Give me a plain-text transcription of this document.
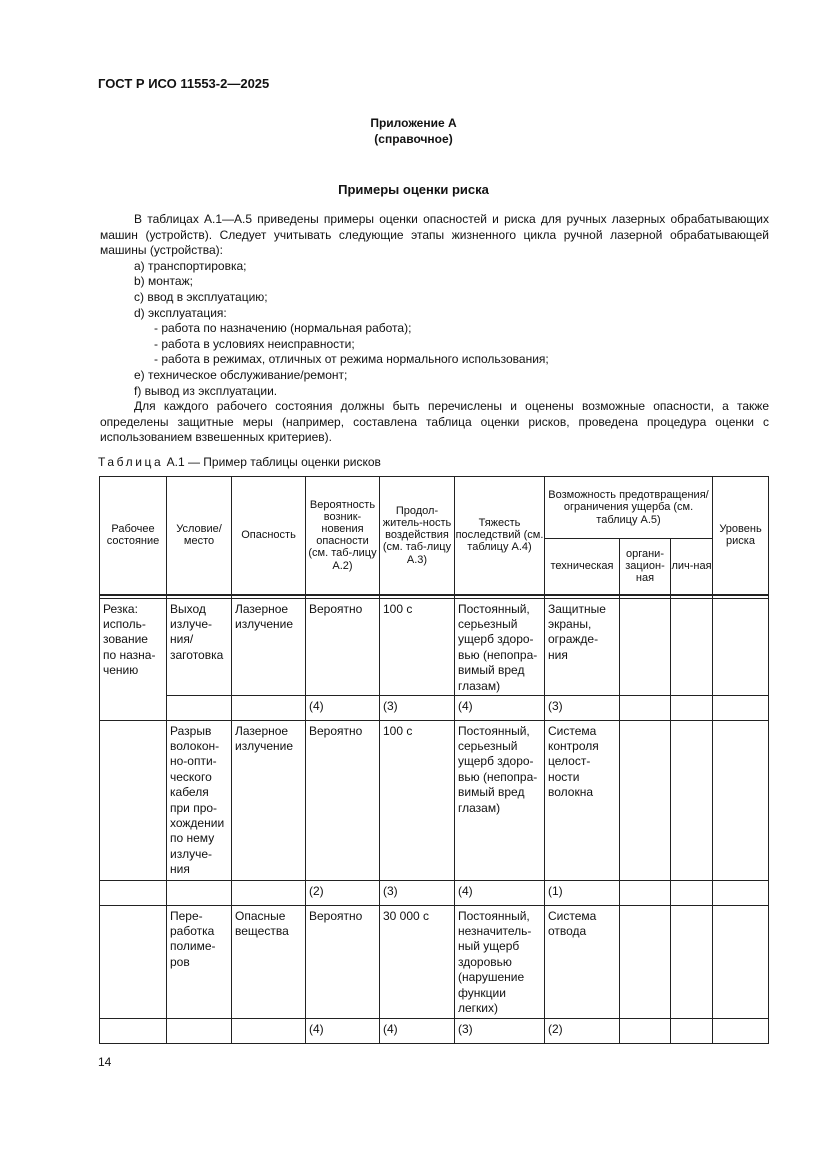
ГОСТ Р ИСО 11553-2—2025
Приложение А
(справочное)
Примеры оценки риска

В таблицах А.1—А.5 приведены примеры оценки опасностей и риска для ручных лазерных обрабатывающих машин (устройств). Следует учитывать следующие этапы жизненного цикла ручной лазерной обрабатывающей машины (устройства):

a) транспортировка;

b) монтаж;

c) ввод в эксплуатацию;

d) эксплуатация:

- работа по назначению (нормальная работа);

- работа в условиях неисправности;

- работа в режимах, отличных от режима нормального использования;

e) техническое обслуживание/ремонт;

f) вывод из эксплуатации.

Для каждого рабочего состояния должны быть перечислены и оценены возможные опасности, а также определены защитные меры (например, составлена таблица оценки рисков, проведена процедура оценки с использованием взвешенных критериев).

Таблица А.1 — Пример таблицы оценки рисков
Рабочее состояние	Условие/ место	Опасность	Вероятность возник-новения опасности (см. таб-лицу А.2)	Продол-житель-ность воздействия (см. таб-лицу А.3)	Тяжесть последствий (см. таблицу А.4)	Возможность предотвращения/ограничения ущерба (см. таблицу А.5)			Уровень риска
						техническая	органи-зацион-ная	лич-ная	

Резка: исполь-зование по назна-чению	Выход излуче-ния/ заготовка	Лазерное излучение	Вероятно	100 с	Постоянный, серьезный ущерб здоро-вью (непопра-вимый вред глазам)	Защитные экраны, огражде-ния			
			(4)	(3)	(4)	(3)			
	Разрыв волокон-но-опти-ческого кабеля при про-хождении по нему излуче-ния	Лазерное излучение	Вероятно	100 с	Постоянный, серьезный ущерб здоро-вью (непопра-вимый вред глазам)	Система контроля целост-ности волокна			
			(2)	(3)	(4)	(1)			
	Пере-работка полиме-ров	Опасные вещества	Вероятно	30 000 с	Постоянный, незначитель-ный ущерб здоровью (нарушение функции легких)	Система отвода			
			(4)	(4)	(3)	(2)			
14
